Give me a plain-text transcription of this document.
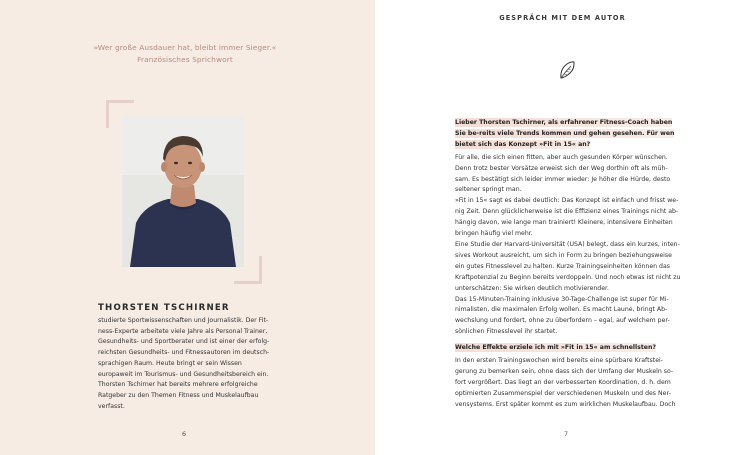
»Wer große Ausdauer hat, bleibt immer Sieger.«
Französisches Sprichwort
THORSTEN TSCHIRNER

studierte Sportwissenschaften und Journalistik. Der Fit-ness-Experte arbeitete viele Jahre als Personal Trainer, Gesundheits- und Sportberater und ist einer der erfolg-reichsten Gesundheits- und Fitnessautoren im deutsch-sprachigen Raum. Heute bringt er sein Wissen europaweit im Tourismus- und Gesundheitsbereich ein. Thorsten Tschirner hat bereits mehrere erfolgreiche Ratgeber zu den Themen Fitness und Muskelaufbau verfasst.

6
GESPRÄCH MIT DEM AUTOR

Lieber Thorsten Tschirner, als erfahrener Fitness-Coach haben Sie be-reits viele Trends kommen und gehen gesehen. Für wen bietet sich das Konzept »Fit in 15« an?

Für alle, die sich einen fitten, aber auch gesunden Körper wünschen. Denn trotz bester Vorsätze erweist sich der Weg dorthin oft als müh-sam. Es bestätigt sich leider immer wieder: Je höher die Hürde, desto seltener springt man.

»Fit in 15« sagt es dabei deutlich: Das Konzept ist einfach und frisst we-nig Zeit. Denn glücklicherweise ist die Effizienz eines Trainings nicht ab-hängig davon, wie lange man trainiert! Kleinere, intensivere Einheiten bringen häufig viel mehr.

Eine Studie der Harvard-Universität (USA) belegt, dass ein kurzes, inten-sives Workout ausreicht, um sich in Form zu bringen beziehungsweise ein gutes Fitnesslevel zu halten. Kurze Trainingseinheiten können das Kraftpotenzial zu Beginn bereits verdoppeln. Und noch etwas ist nicht zu unterschätzen: Sie wirken deutlich motivierender.

Das 15-Minuten-Training inklusive 30-Tage-Challenge ist super für Mi-nimalisten, die maximalen Erfolg wollen. Es macht Laune, bringt Ab-wechslung und fordert, ohne zu überfordern – egal, auf welchem per-sönlichen Fitnesslevel ihr startet.

Welche Effekte erziele ich mit »Fit in 15« am schnellsten?

In den ersten Trainingswochen wird bereits eine spürbare Kraftstei-gerung zu bemerken sein, ohne dass sich der Umfang der Muskeln so-fort vergrößert. Das liegt an der verbesserten Koordination, d. h. dem optimierten Zusammenspiel der verschiedenen Muskeln und des Ner-vensystems. Erst später kommt es zum wirklichen Muskelaufbau. Doch

7
